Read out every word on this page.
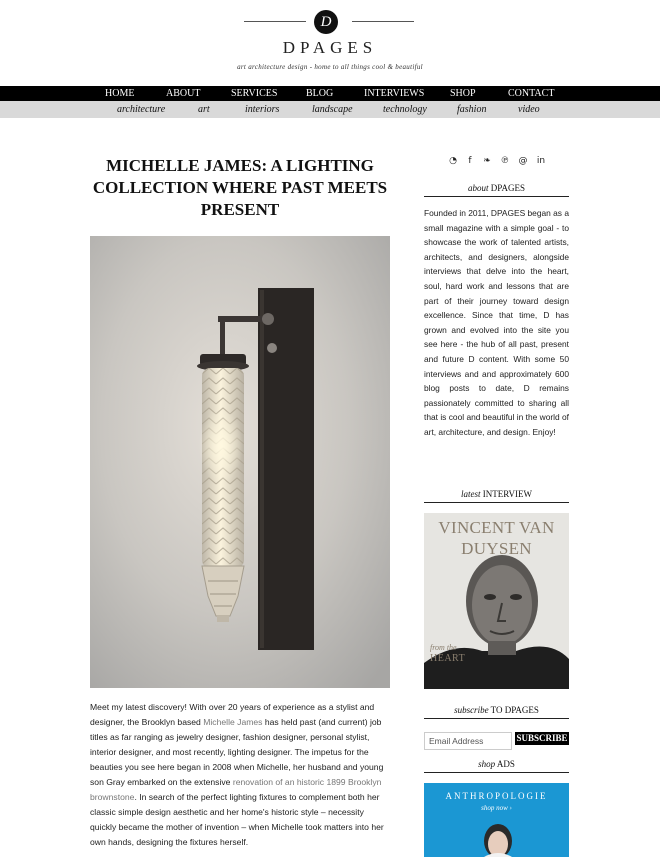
D
DPAGES
art architecture design - home to all things cool & beautiful
HOME	ABOUT	SERVICES	BLOG	INTERVIEWS	SHOP	CONTACT
architecture	art	interiors	landscape	technology	fashion	video
MICHELLE JAMES: A LIGHTING COLLECTION WHERE PAST MEETS PRESENT
Meet my latest discovery! With over 20 years of experience as a stylist and designer, the Brooklyn based Michelle James has held past (and current) job titles as far ranging as jewelry designer, fashion designer, personal stylist, interior designer, and most recently, lighting designer. The impetus for the beauties you see here began in 2008 when Michelle, her husband and young son Gray embarked on the extensive renovation of an historic 1899 Brooklyn brownstone. In search of the perfect lighting fixtures to complement both her classic simple design aesthetic and her home's historic style – necessity quickly became the mother of invention – when Michelle took matters into her own hands, designing the fixtures herself.
◔	f	❧ ℗ @ in
about DPAGES
Founded in 2011, DPAGES began as a small magazine with a simple goal - to showcase the work of talented artists, architects, and designers, alongside interviews that delve into the heart, soul, hard work and lessons that are part of their journey toward design excellence. Since that time, D has grown and evolved into the site you see here - the hub of all past, present and future D content. With some 50 interviews and and approximately 600 blog posts to date, D remains passionately committed to sharing all that is cool and beautiful in the world of art, architecture, and design. Enjoy!
latest INTERVIEW
VINCENT VAN DUYSEN
from the
HEART
subscribe TO DPAGES
Email Address
SUBSCRIBE
shop ADS
ANTHROPOLOGIE
shop now ›
